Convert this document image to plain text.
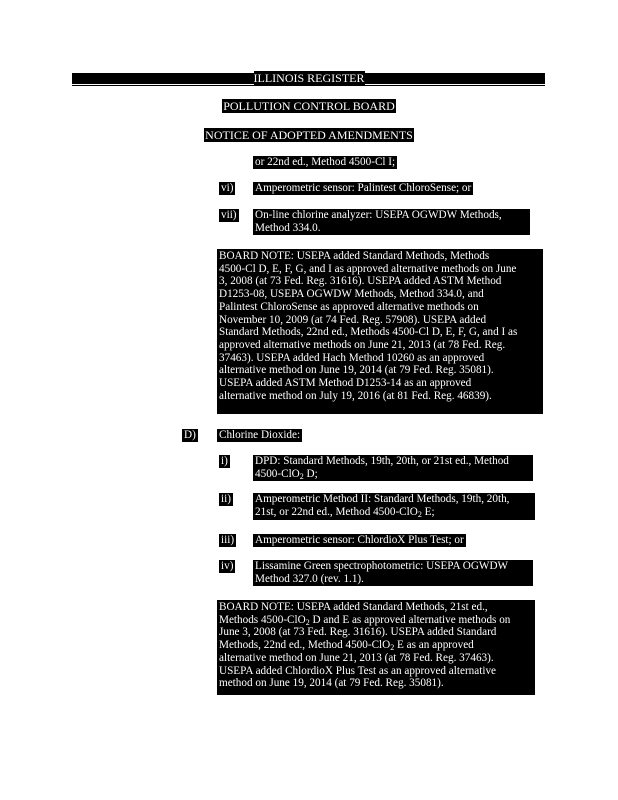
ILLINOIS REGISTER
POLLUTION CONTROL BOARD
NOTICE OF ADOPTED AMENDMENTS
or 22nd ed., Method 4500-Cl I;
vi) Amperometric sensor: Palintest ChloroSense; or
vii) On-line chlorine analyzer: USEPA OGWDW Methods,
Method 334.0.
BOARD NOTE: USEPA added Standard Methods, Methods
4500-Cl D, E, F, G, and I as approved alternative methods on June
3, 2008 (at 73 Fed. Reg. 31616). USEPA added ASTM Method
D1253-08, USEPA OGWDW Methods, Method 334.0, and
Palintest ChloroSense as approved alternative methods on
November 10, 2009 (at 74 Fed. Reg. 57908). USEPA added
Standard Methods, 22nd ed., Methods 4500-Cl D, E, F, G, and I as
approved alternative methods on June 21, 2013 (at 78 Fed. Reg.
37463). USEPA added Hach Method 10260 as an approved
alternative method on June 19, 2014 (at 79 Fed. Reg. 35081).
USEPA added ASTM Method D1253-14 as an approved
alternative method on July 19, 2016 (at 81 Fed. Reg. 46839).
D) Chlorine Dioxide:
i) DPD: Standard Methods, 19th, 20th, or 21st ed., Method
4500-ClO$_2$ D;
ii) Amperometric Method II: Standard Methods, 19th, 20th,
21st, or 22nd ed., Method 4500-ClO$_2$ E;
iii) Amperometric sensor: ChlordioX Plus Test; or
iv) Lissamine Green spectrophotometric: USEPA OGWDW
Method 327.0 (rev. 1.1).
BOARD NOTE: USEPA added Standard Methods, 21st ed.,
Methods 4500-ClO$_2$ D and E as approved alternative methods on
June 3, 2008 (at 73 Fed. Reg. 31616). USEPA added Standard
Methods, 22nd ed., Method 4500-ClO$_2$ E as an approved
alternative method on June 21, 2013 (at 78 Fed. Reg. 37463).
USEPA added ChlordioX Plus Test as an approved alternative
method on June 19, 2014 (at 79 Fed. Reg. 35081).
